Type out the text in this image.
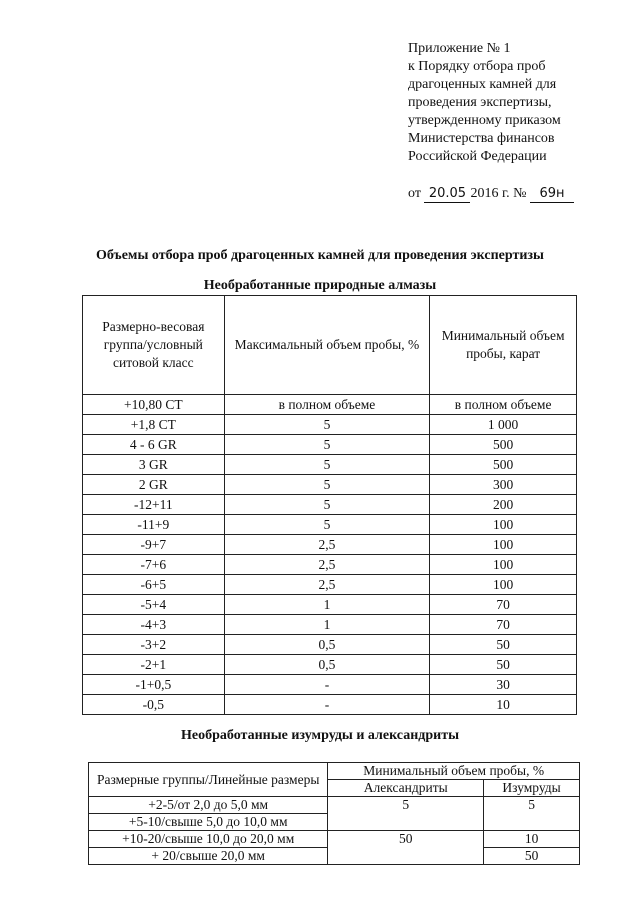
Приложение № 1
к Порядку отбора проб
драгоценных камней для
проведения экспертизы,
утвержденному приказом
Министерства финансов
Российской Федерации
от 20.05 2016 г. № 69н
Объемы отбора проб драгоценных камней для проведения экспертизы
Необработанные природные алмазы
Размерно-весовая группа/условный ситовой класс	Максимальный объем пробы, %	Минимальный объем пробы, карат
+10,80 СТ	в полном объеме	в полном объеме
+1,8 СТ	5	1 000
4 - 6 GR	5	500
3 GR	5	500
2 GR	5	300
-12+11	5	200
-11+9	5	100
-9+7	2,5	100
-7+6	2,5	100
-6+5	2,5	100
-5+4	1	70
-4+3	1	70
-3+2	0,5	50
-2+1	0,5	50
-1+0,5	-	30
-0,5	-	10
Необработанные изумруды и александриты
Размерные группы/Линейные размеры	Минимальный объем пробы, %	
	Александриты	Изумруды
+2-5/от 2,0 до 5,0 мм	5	5
+5-10/свыше 5,0 до 10,0 мм		
+10-20/свыше 10,0 до 20,0 мм	50	10
+ 20/свыше 20,0 мм		50
